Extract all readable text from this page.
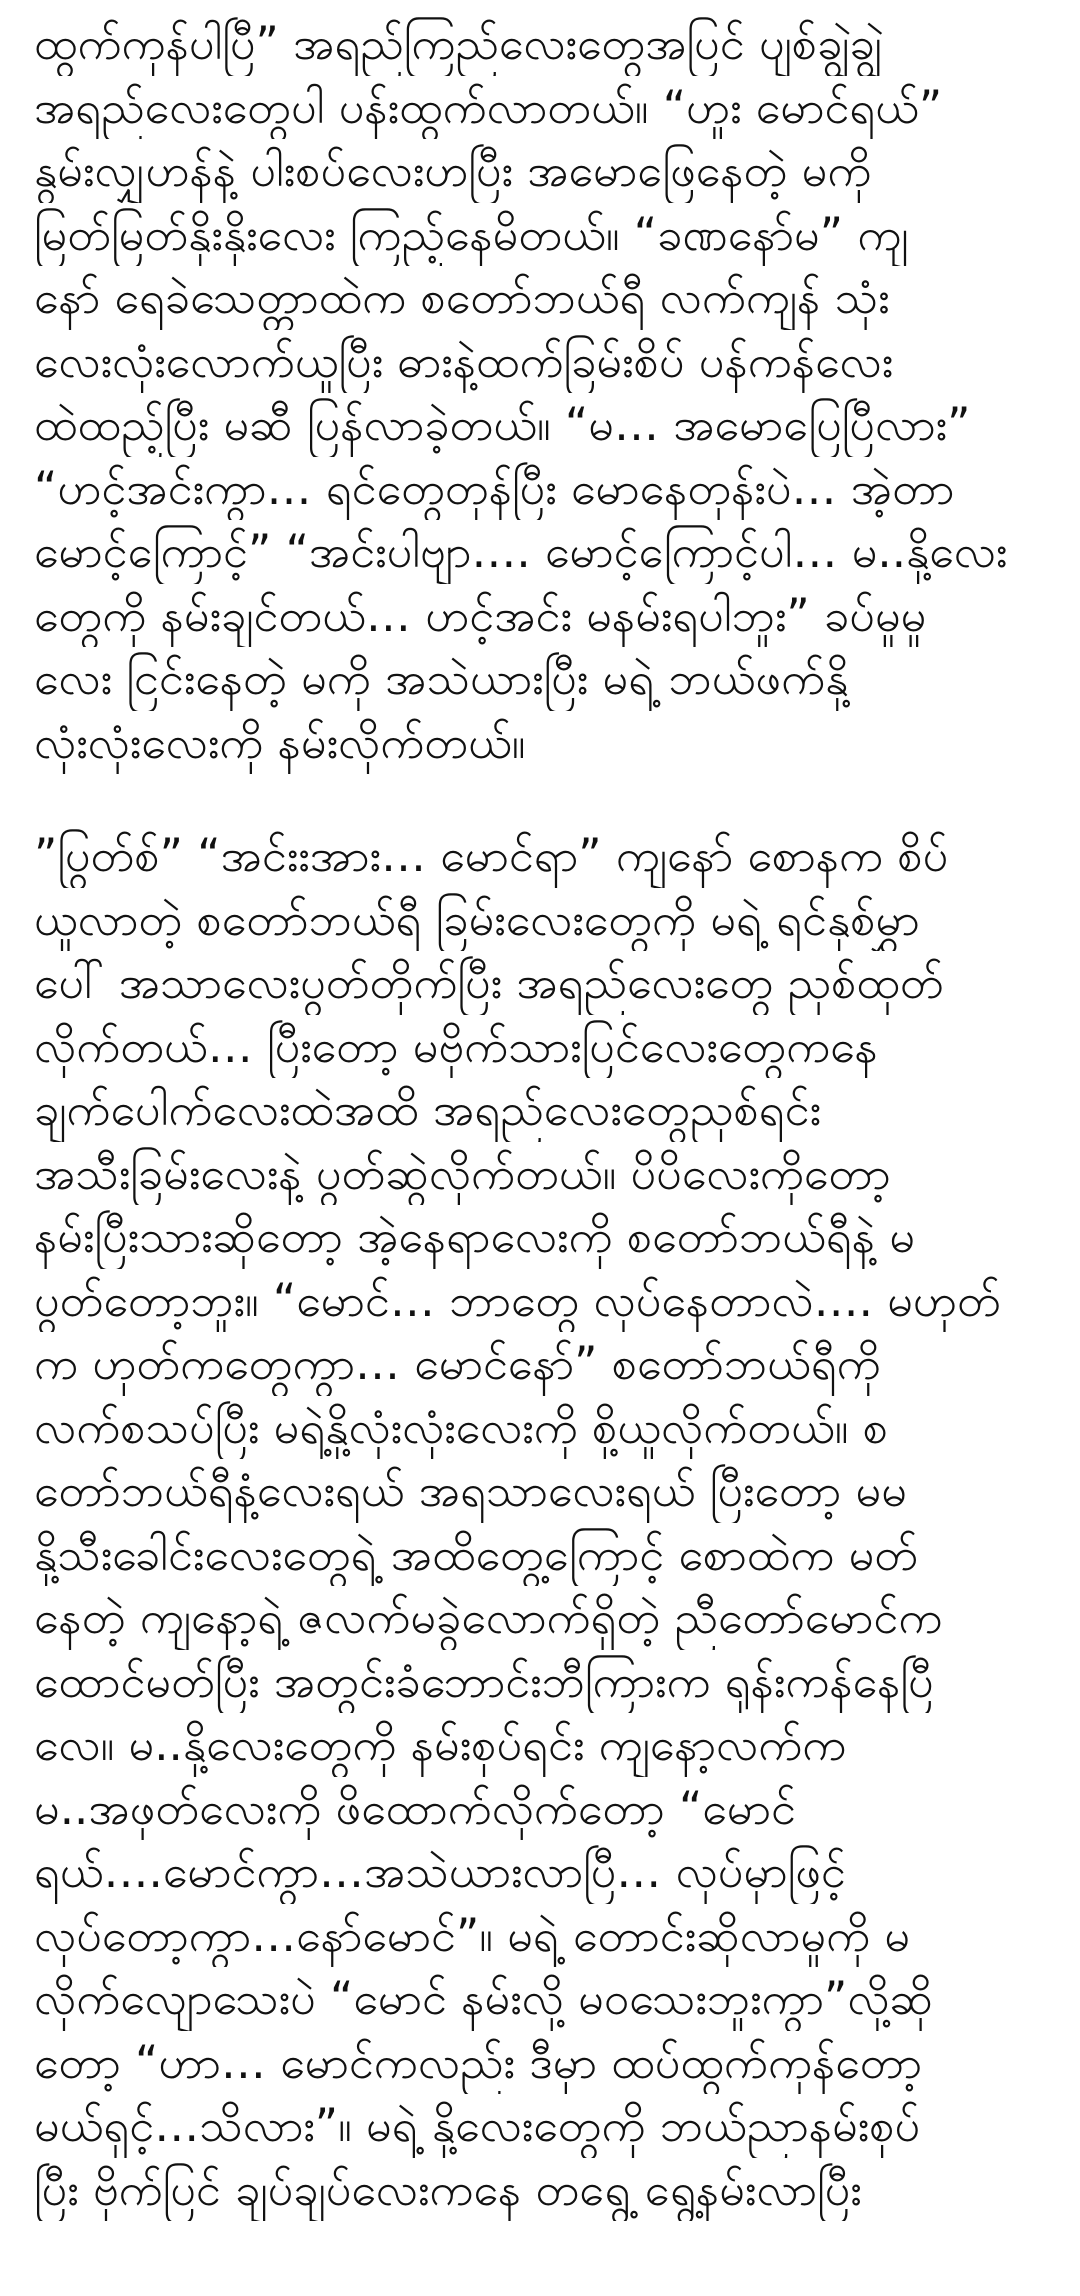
ထွက်ကုန်ပါပြီ” အရည်ကြည်လေးတွေအပြင် ပျစ်ချွဲချွဲ
အရည်လေးတွေပါ ပန်းထွက်လာတယ်။ “ဟူး မောင်ရယ်”
နွမ်းလျှဟန်နဲ့ ပါးစပ်လေးဟပြီး အမောဖြေနေတဲ့ မကို
မြတ်မြတ်နိုးနိုးလေး ကြည့်နေမိတယ်။ “ခဏနော်မ” ကျ
နော် ရေခဲသေတ္တာထဲက စတော်ဘယ်ရီ လက်ကျန် သုံး
လေးလုံးလောက်ယူပြီး ဓားနဲ့ထက်ခြမ်းစိပ် ပန်ကန်လေး
ထဲထည့်ပြီး မဆီ ပြန်လာခဲ့တယ်။ “မ… အမောပြေပြီလား”
“ဟင့်အင်းကွာ… ရင်တွေတုန်ပြီး မောနေတုန်းပဲ… အဲ့တာ
မောင့်ကြောင့်” “အင်းပါဗျာ…. မောင့်ကြောင့်ပါ… မ..နို့လေး
တွေကို နမ်းချင်တယ်… ဟင့်အင်း မနမ်းရပါဘူး” ခပ်မူမူ
လေး ငြင်းနေတဲ့ မကို အသဲယားပြီး မရဲ့ ဘယ်ဖက်နို့
လုံးလုံးလေးကို နမ်းလိုက်တယ်။
”ပြွတ်စ်” “အင်းးအား… မောင်ရာ” ကျနော် စောနက စိပ်
ယူလာတဲ့ စတော်ဘယ်ရီ ခြမ်းလေးတွေကို မရဲ့ ရင်နှစ်မွှာ
ပေါ် အသာလေးပွတ်တိုက်ပြီး အရည်လေးတွေ ညှစ်ထုတ်
လိုက်တယ်… ပြီးတော့ မဗိုက်သားပြင်လေးတွေကနေ
ချက်ပေါက်လေးထဲအထိ အရည်လေးတွေညှစ်ရင်း
အသီးခြမ်းလေးနဲ့ ပွတ်ဆွဲလိုက်တယ်။ ပိပိလေးကိုတော့
နမ်းပြီးသားဆိုတော့ အဲ့နေရာလေးကို စတော်ဘယ်ရီနဲ့ မ
ပွတ်တော့ဘူး။ “မောင်… ဘာတွေ လုပ်နေတာလဲ…. မဟုတ်
က ဟုတ်ကတွေကွာ… မောင်နော်” စတော်ဘယ်ရီကို
လက်စသပ်ပြီး မရဲ့နို့လုံးလုံးလေးကို စို့ယူလိုက်တယ်။ စ
တော်ဘယ်ရီနံ့လေးရယ် အရသာလေးရယ် ပြီးတော့ မမ
နို့သီးခေါင်းလေးတွေရဲ့ အထိတွေ့ကြောင့် စောထဲက မတ်
နေတဲ့ ကျနော့ရဲ့ ဇလက်မခွဲလောက်ရှိတဲ့ ညီတော်မောင်က
ထောင်မတ်ပြီး အတွင်းခံဘောင်းဘီကြားက ရုန်းကန်နေပြီ
လေ။ မ..နို့လေးတွေကို နမ်းစုပ်ရင်း ကျနော့လက်က
မ..အဖုတ်လေးကို ဖိထောက်လိုက်တော့ “မောင်
ရယ်….မောင်ကွာ…အသဲယားလာပြီ… လုပ်မှာဖြင့်
လုပ်တော့ကွာ…နော်မောင်”။ မရဲ့ တောင်းဆိုလာမှုကို မ
လိုက်လျောသေးပဲ “မောင် နမ်းလို့ မဝသေးဘူးကွာ”လို့ဆို
တော့ “ဟာ… မောင်ကလည်း ဒီမှာ ထပ်ထွက်ကုန်တော့
မယ်ရှင့်…သိလား”။ မရဲ့ နို့လေးတွေကို ဘယ်ညာနမ်းစုပ်
ပြီး ဗိုက်ပြင် ချပ်ချပ်လေးကနေ တရွေ့ ရွေ့နမ်းလာပြီး
